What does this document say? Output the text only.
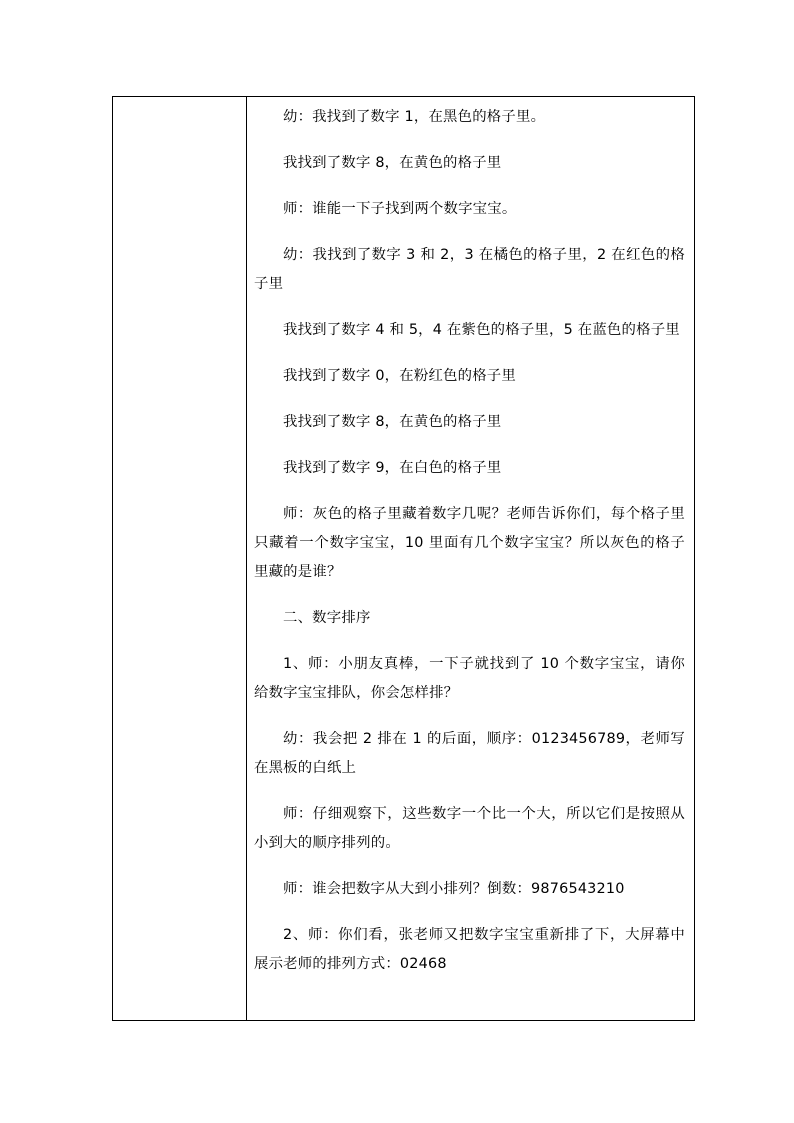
幼：我找到了数字 1，在黑色的格子里。

我找到了数字 8，在黄色的格子里

师：谁能一下子找到两个数字宝宝。

幼：我找到了数字 3 和 2，3 在橘色的格子里，2 在红色的格子里

我找到了数字 4 和 5，4 在紫色的格子里，5 在蓝色的格子里

我找到了数字 0，在粉红色的格子里

我找到了数字 8，在黄色的格子里

我找到了数字 9，在白色的格子里

师：灰色的格子里藏着数字几呢？老师告诉你们，每个格子里只藏着一个数字宝宝，10 里面有几个数字宝宝？所以灰色的格子里藏的是谁？

二、数字排序

1、师：小朋友真棒，一下子就找到了 10 个数字宝宝，请你给数字宝宝排队，你会怎样排？

幼：我会把 2 排在 1 的后面，顺序：0123456789，老师写在黑板的白纸上

师：仔细观察下，这些数字一个比一个大，所以它们是按照从小到大的顺序排列的。

师：谁会把数字从大到小排列？倒数：9876543210

2、师：你们看，张老师又把数字宝宝重新排了下，大屏幕中展示老师的排列方式：02468
